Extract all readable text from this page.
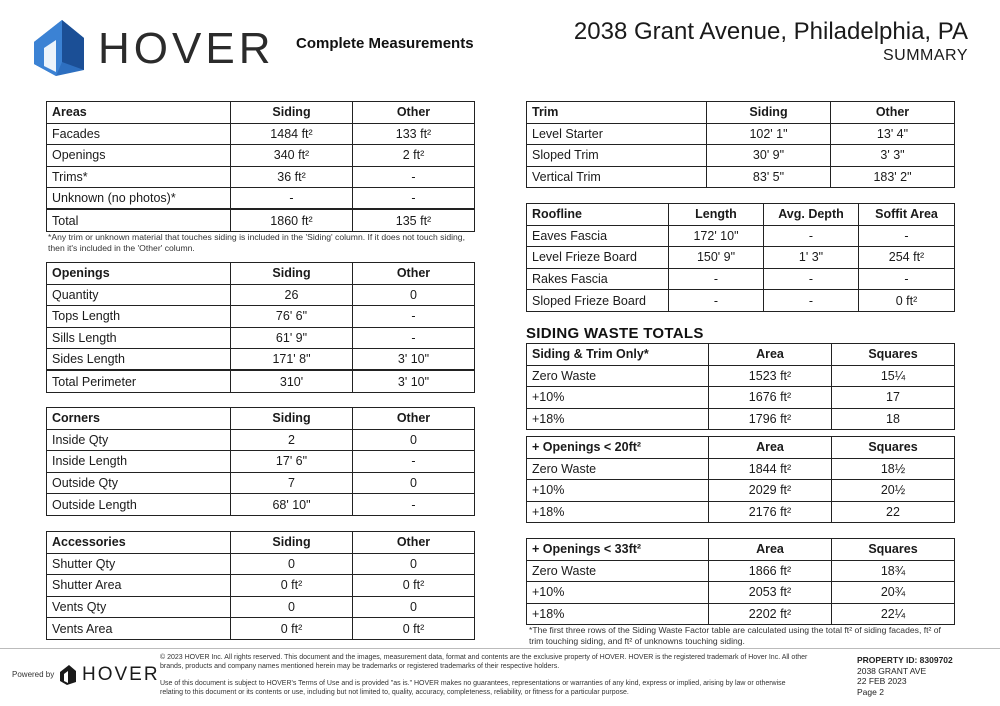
HOVER Complete Measurements	2038 Grant Avenue, Philadelphia, PA
SUMMARY
Areas	Siding	Other
Facades	1484 ft²	133 ft²
Openings	340 ft²	2 ft²
Trims*	36 ft²	-
Unknown (no photos)*	-	-
Total	1860 ft²	135 ft²
*Any trim or unknown material that touches siding is included in the 'Siding' column. If it does not touch siding, then it's included in the 'Other' column.
Openings	Siding	Other
Quantity	26	0
Tops Length	76' 6"	-
Sills Length	61' 9"	-
Sides Length	171' 8"	3' 10"
Total Perimeter	310'	3' 10"
Corners	Siding	Other
Inside Qty	2	0
Inside Length	17' 6"	-
Outside Qty	7	0
Outside Length	68' 10"	-
Accessories	Siding	Other
Shutter Qty	0	0
Shutter Area	0 ft²	0 ft²
Vents Qty	0	0
Vents Area	0 ft²	0 ft²
Trim	Siding	Other
Level Starter	102' 1"	13' 4"
Sloped Trim	30' 9"	3' 3"
Vertical Trim	83' 5"	183' 2"
Roofline	Length	Avg. Depth	Soffit Area
Eaves Fascia	172' 10"	-	-
Level Frieze Board	150' 9"	1' 3"	254 ft²
Rakes Fascia	-	-	-
Sloped Frieze Board	-	-	0 ft²
SIDING WASTE TOTALS
Siding & Trim Only*	Area	Squares
Zero Waste	1523 ft²	15¼
+10%	1676 ft²	17
+18%	1796 ft²	18
+ Openings < 20ft²	Area	Squares
Zero Waste	1844 ft²	18½
+10%	2029 ft²	20½
+18%	2176 ft²	22
+ Openings < 33ft²	Area	Squares
Zero Waste	1866 ft²	18¾
+10%	2053 ft²	20¾
+18%	2202 ft²	22¼
*The first three rows of the Siding Waste Factor table are calculated using the total ft² of siding facades, ft² of trim touching siding, and ft² of unknowns touching siding.
Powered by HOVER
© 2023 HOVER Inc. All rights reserved. This document and the images, measurement data, format and contents are the exclusive property of HOVER. HOVER is the registered trademark of Hover Inc. All other brands, products and company names mentioned herein may be trademarks or registered trademarks of their respective holders.
Use of this document is subject to HOVER's Terms of Use and is provided "as is." HOVER makes no guarantees, representations or warranties of any kind, express or implied, arising by law or otherwise relating to this document or its contents or use, including but not limited to, quality, accuracy, completeness, reliability, or fitness for a particular purpose.
PROPERTY ID: 8309702
2038 GRANT AVE
22 FEB 2023
Page 2
